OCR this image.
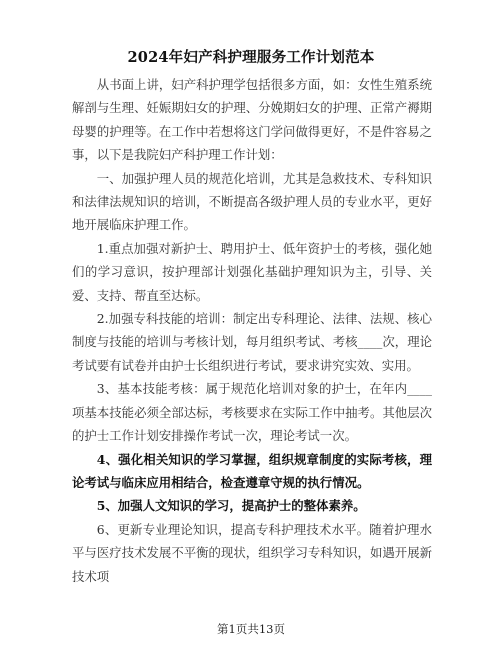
2024年妇产科护理服务工作计划范本

从书面上讲，妇产科护理学包括很多方面，如：女性生殖系统解剖与生理、妊娠期妇女的护理、分娩期妇女的护理、正常产褥期母婴的护理等。在工作中若想将这门学问做得更好，不是件容易之事，以下是我院妇产科护理工作计划：

一、加强护理人员的规范化培训，尤其是急救技术、专科知识和法律法规知识的培训，不断提高各级护理人员的专业水平，更好地开展临床护理工作。

1.重点加强对新护士、聘用护士、低年资护士的考核，强化她们的学习意识，按护理部计划强化基础护理知识为主，引导、关爱、支持、帮直至达标。

2.加强专科技能的培训：制定出专科理论、法律、法规、核心制度与技能的培训与考核计划，每月组织考试、考核____次，理论考试要有试卷并由护士长组织进行考试，要求讲究实效、实用。

3、基本技能考核：属于规范化培训对象的护士，在年内____项基本技能必须全部达标，考核要求在实际工作中抽考。其他层次的护士工作计划安排操作考试一次，理论考试一次。

4、强化相关知识的学习掌握，组织规章制度的实际考核，理论考试与临床应用相结合，检查遵章守规的执行情况。

5、加强人文知识的学习，提高护士的整体素养。

6、更新专业理论知识，提高专科护理技术水平。随着护理水平与医疗技术发展不平衡的现状，组织学习专科知识，如遇开展新技术项

第1页共13页
